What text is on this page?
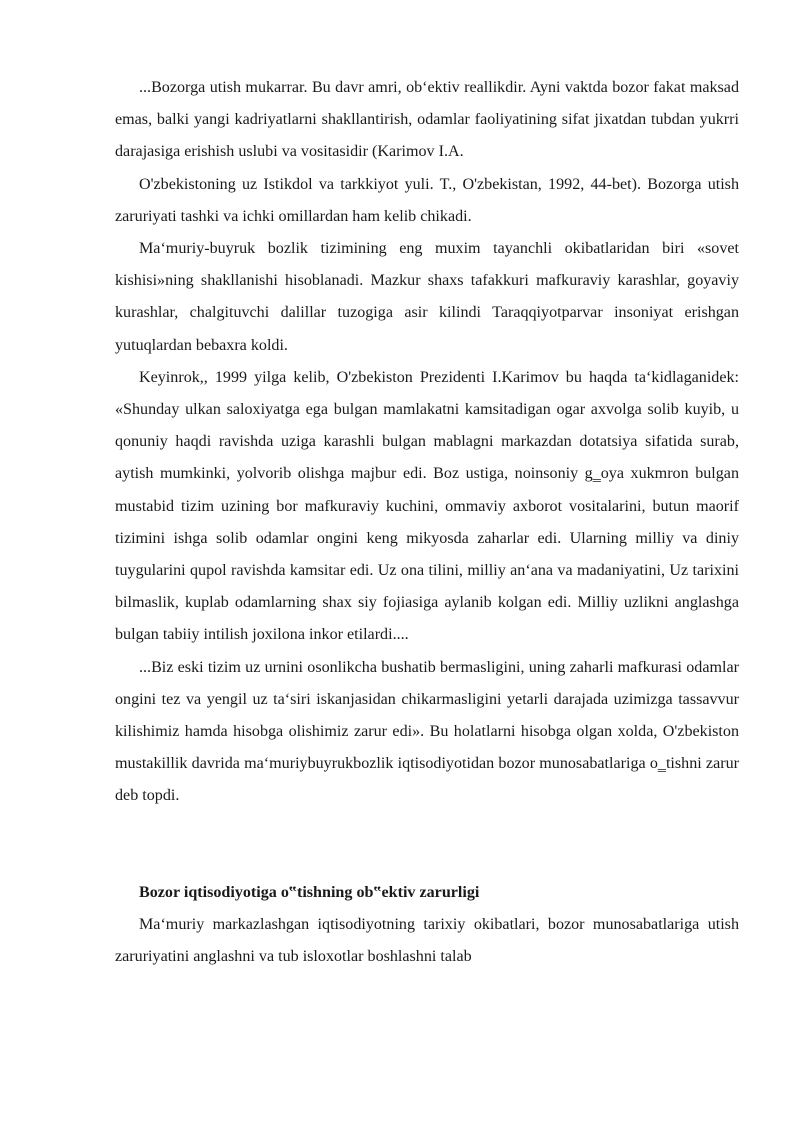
...Bozorga utish mukarrar. Bu davr amri, ob‘ektiv reallikdir. Ayni vaktda bozor fakat maksad emas, balki yangi kadriyatlarni shakllantirish, odamlar faoliyatining sifat jixatdan tubdan yukrri darajasiga erishish uslubi va vositasidir (Karimov I.A.

O'zbekistoning uz Istikdol va tarkkiyot yuli. T., O'zbekistan, 1992, 44-bet). Bozorga utish zaruriyati tashki va ichki omillardan ham kelib chikadi.

Ma‘muriy-buyruk bozlik tizimining eng muxim tayanchli okibatlaridan biri «sovet kishisi»ning shakllanishi hisoblanadi. Mazkur shaxs tafakkuri mafkuraviy karashlar, goyaviy kurashlar, chalgituvchi dalillar tuzogiga asir kilindi Taraqqiyotparvar insoniyat erishgan yutuqlardan bebaxra koldi.

Keyinrok,, 1999 yilga kelib, O'zbekiston Prezidenti I.Karimov bu haqda ta‘kidlaganidek: «Shunday ulkan saloxiyatga ega bulgan mamlakatni kamsitadigan ogar axvolga solib kuyib, u qonuniy haqdi ravishda uziga karashli bulgan mablagni markazdan dotatsiya sifatida surab, aytish mumkinki, yolvorib olishga majbur edi. Boz ustiga, noinsoniy g‗oya xukmron bulgan mustabid tizim uzining bor mafkuraviy kuchini, ommaviy axborot vositalarini, butun maorif tizimini ishga solib odamlar ongini keng mikyosda zaharlar edi. Ularning milliy va diniy tuygularini qupol ravishda kamsitar edi. Uz ona tilini, milliy an‘ana va madaniyatini, Uz tarixini bilmaslik, kuplab odamlarning shax siy fojiasiga aylanib kolgan edi. Milliy uzlikni anglashga bulgan tabiiy intilish joxilona inkor etilardi....

...Biz eski tizim uz urnini osonlikcha bushatib bermasligini, uning zaharli mafkurasi odamlar ongini tez va yengil uz ta‘siri iskanjasidan chikarmasligini yetarli darajada uzimizga tassavvur kilishimiz hamda hisobga olishimiz zarur edi». Bu holatlarni hisobga olgan xolda, O'zbekiston mustakillik davrida ma‘muriybuyrukbozlik iqtisodiyotidan bozor munosabatlariga o‗tishni zarur deb topdi.

Bozor iqtisodiyotiga o‟tishning ob‟ektiv zarurligi

Ma‘muriy markazlashgan iqtisodiyotning tarixiy okibatlari, bozor munosabatlariga utish zaruriyatini anglashni va tub isloxotlar boshlashni talab
